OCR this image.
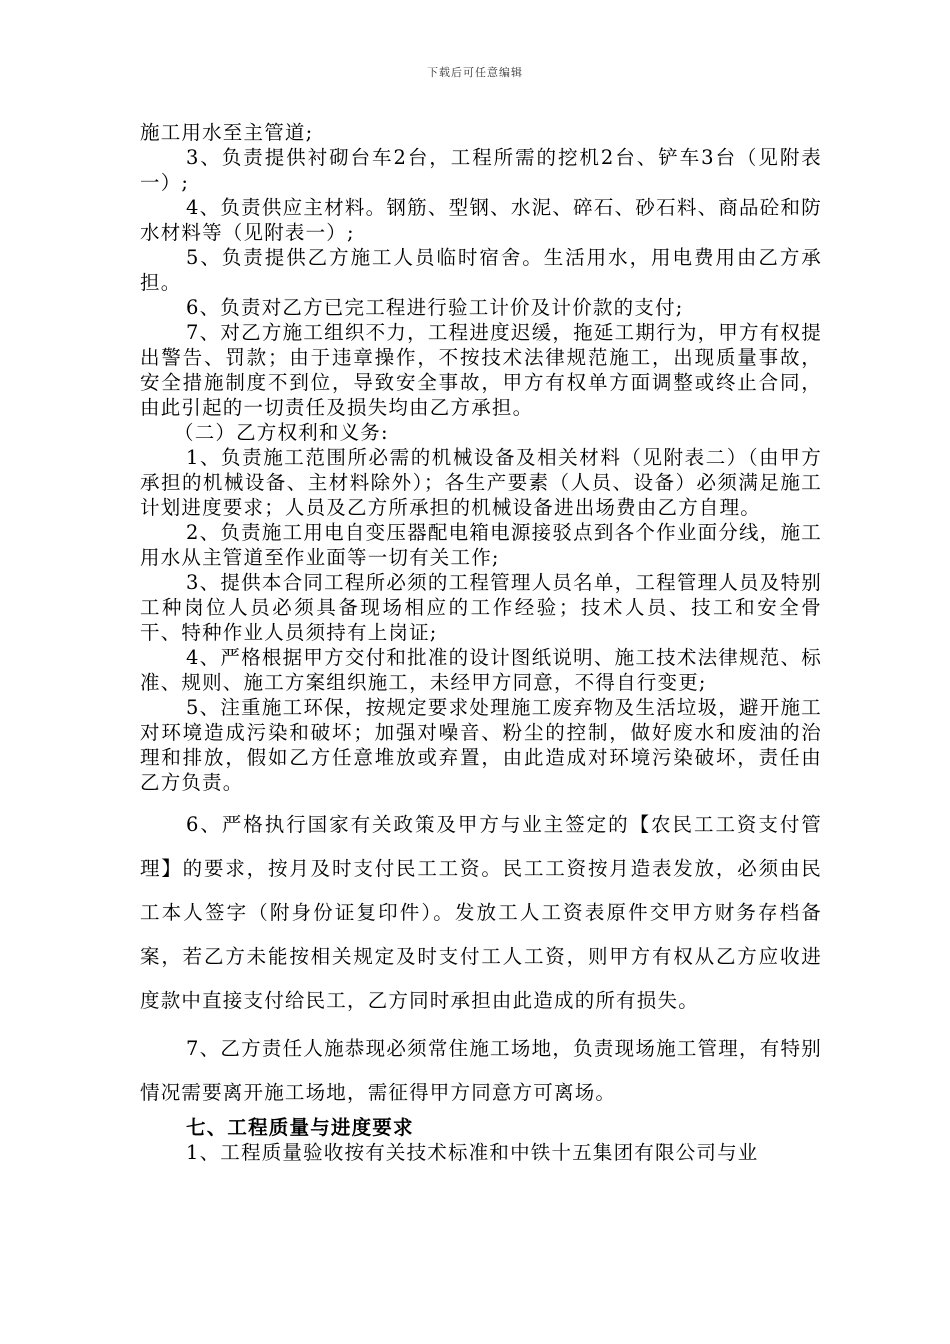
下载后可任意编辑

施工用水至主管道;

3、负责提供衬砌台车2台，工程所需的挖机2台、铲车3台（见附表一）;

4、负责供应主材料。钢筋、型钢、水泥、碎石、砂石料、商品砼和防水材料等（见附表一）;

5、负责提供乙方施工人员临时宿舍。生活用水，用电费用由乙方承担。

6、负责对乙方已完工程进行验工计价及计价款的支付;

7、对乙方施工组织不力，工程进度迟缓，拖延工期行为，甲方有权提出警告、罚款；由于违章操作，不按技术法律规范施工，出现质量事故，安全措施制度不到位，导致安全事故，甲方有权单方面调整或终止合同，由此引起的一切责任及损失均由乙方承担。

（二）乙方权利和义务:

1、负责施工范围所必需的机械设备及相关材料（见附表二）（由甲方承担的机械设备、主材料除外）；各生产要素（人员、设备）必须满足施工计划进度要求；人员及乙方所承担的机械设备进出场费由乙方自理。

2、负责施工用电自变压器配电箱电源接驳点到各个作业面分线，施工用水从主管道至作业面等一切有关工作;

3、提供本合同工程所必须的工程管理人员名单，工程管理人员及特别工种岗位人员必须具备现场相应的工作经验；技术人员、技工和安全骨干、特种作业人员须持有上岗证;

4、严格根据甲方交付和批准的设计图纸说明、施工技术法律规范、标准、规则、施工方案组织施工，未经甲方同意，不得自行变更;

5、注重施工环保，按规定要求处理施工废弃物及生活垃圾，避开施工对环境造成污染和破坏；加强对噪音、粉尘的控制，做好废水和废油的治理和排放，假如乙方任意堆放或弃置，由此造成对环境污染破坏，责任由乙方负责。

6、严格执行国家有关政策及甲方与业主签定的【农民工工资支付管理】的要求，按月及时支付民工工资。民工工资按月造表发放，必须由民工本人签字（附身份证复印件）。发放工人工资表原件交甲方财务存档备案，若乙方未能按相关规定及时支付工人工资，则甲方有权从乙方应收进度款中直接支付给民工，乙方同时承担由此造成的所有损失。

7、乙方责任人施恭现必须常住施工场地，负责现场施工管理，有特别情况需要离开施工场地，需征得甲方同意方可离场。

七、工程质量与进度要求

1、工程质量验收按有关技术标准和中铁十五集团有限公司与业
